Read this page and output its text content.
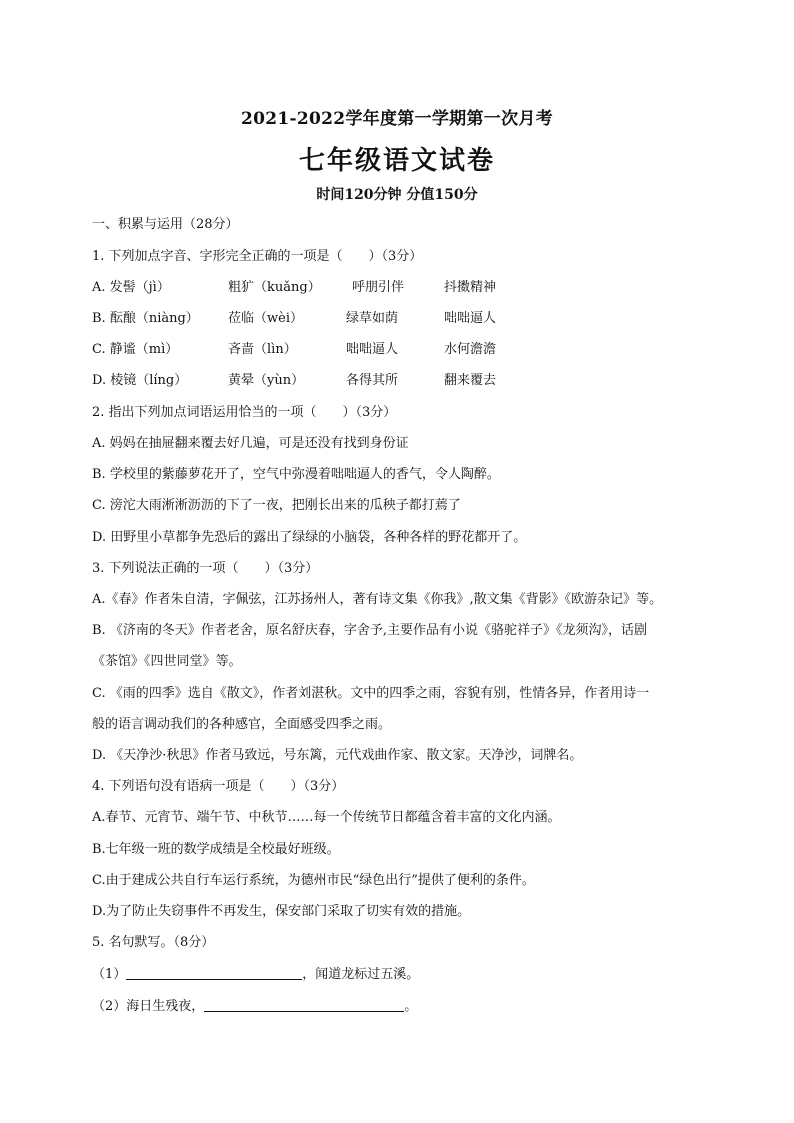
2021-2022学年度第一学期第一次月考
七年级语文试卷
时间120分钟 分值150分
一、积累与运用（28分）
1. 下列加点字音、字形完全正确的一项是（　　）（3分）
A. 发髻（jì）	粗犷（kuǎng） 呼朋引伴	抖擞精神
B. 酝酿（niàng） 莅临（wèi）	绿草如荫	咄咄逼人
C. 静谧（mì）	吝啬（lìn）	咄咄逼人	水何澹澹
D. 棱镜（líng）	黄晕（yùn）	各得其所	翻来覆去
2. 指出下列加点词语运用恰当的一项（　　）（3分）
A. 妈妈在抽屉翻来覆去好几遍，可是还没有找到身份证
B. 学校里的紫藤萝花开了，空气中弥漫着咄咄逼人的香气，令人陶醉。
C. 滂沱大雨淅淅沥沥的下了一夜，把刚长出来的瓜秧子都打蔫了
D. 田野里小草都争先恐后的露出了绿绿的小脑袋，各种各样的野花都开了。
3. 下列说法正确的一项（　　）（3分）
A.《春》作者朱自清，字佩弦，江苏扬州人，著有诗文集《你我》,散文集《背影》《欧游杂记》等。
B. 《济南的冬天》作者老舍，原名舒庆春，字舍予,主要作品有小说《骆驼祥子》《龙须沟》，话剧
《茶馆》《四世同堂》等。
C. 《雨的四季》选自《散文》，作者刘湛秋。文中的四季之雨，容貌有别，性情各异，作者用诗一
般的语言调动我们的各种感官，全面感受四季之雨。
D. 《天净沙·秋思》作者马致远，号东篱，元代戏曲作家、散文家。天净沙，词牌名。
4. 下列语句没有语病一项是（　　）（3分）
A.春节、元宵节、端午节、中秋节……每一个传统节日都蕴含着丰富的文化内涵。
B.七年级一班的数学成绩是全校最好班级。
C.由于建成公共自行车运行系统，为德州市民“绿色出行”提供了便利的条件。
D.为了防止失窃事件不再发生，保安部门采取了切实有效的措施。
5. 名句默写。（8分）
（1）	，闻道龙标过五溪。
（2）海日生残夜，	。
